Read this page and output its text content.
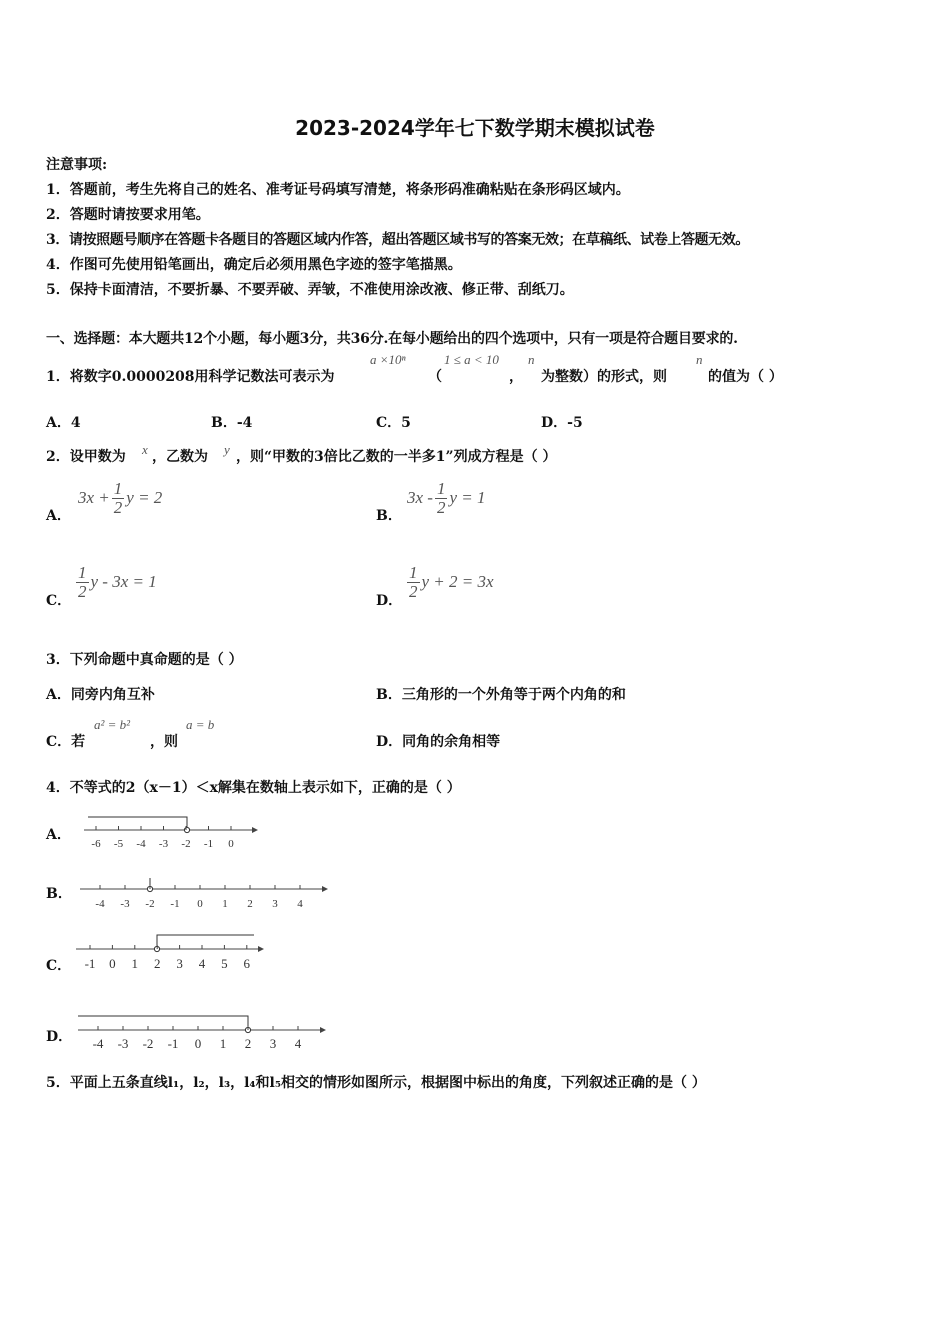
2023-2024学年七下数学期末模拟试卷
注意事项:
1．答题前，考生先将自己的姓名、准考证号码填写清楚，将条形码准确粘贴在条形码区域内。
2．答题时请按要求用笔。
3．请按照题号顺序在答题卡各题目的答题区域内作答，超出答题区域书写的答案无效；在草稿纸、试卷上答题无效。
4．作图可先使用铅笔画出，确定后必须用黑色字迹的签字笔描黑。
5．保持卡面清洁，不要折暴、不要弄破、弄皱，不准使用涂改液、修正带、刮纸刀。
一、选择题：本大题共12个小题，每小题3分，共36分.在每小题给出的四个选项中，只有一项是符合题目要求的.
1．将数字0.0000208用科学记数法可表示为
a ×10ⁿ
（
1 ≤ a < 10
，
n
为整数）的形式，则
n
的值为（ ）
A．4	B．-4	C．5	D．-5
2．设甲数为 x ，乙数为 y ，则“甲数的3倍比乙数的一半多1”列成方程是（ ）
A．
$3x + \frac{1}{2}$ y = 2
B．
$3x - \frac{1}{2}$ y = 1
C．
$\frac{1}{2}$ y - 3x = 1
D．
$\frac{1}{2}$ y + 2 = 3x
3．下列命题中真命题的是（ ）
A．同旁内角互补	B．三角形的一个外角等于两个内角的和
C．若
a² = b²
，则
a = b
D．同角的余角相等
4．不等式的2（x－1）＜x解集在数轴上表示如下，正确的是（ ）
A．
-6 -5 -4 -3 -2 -1 0
B．
-4 -3 -2 -1 0 1 2 3 4
C． -1 0 1 2 3 4 5 6
D． -4 -3 -2 -1 0 1 2 3 4
5．平面上五条直线l₁，l₂，l₃，l₄和l₅相交的情形如图所示，根据图中标出的角度，下列叙述正确的是（ ）
